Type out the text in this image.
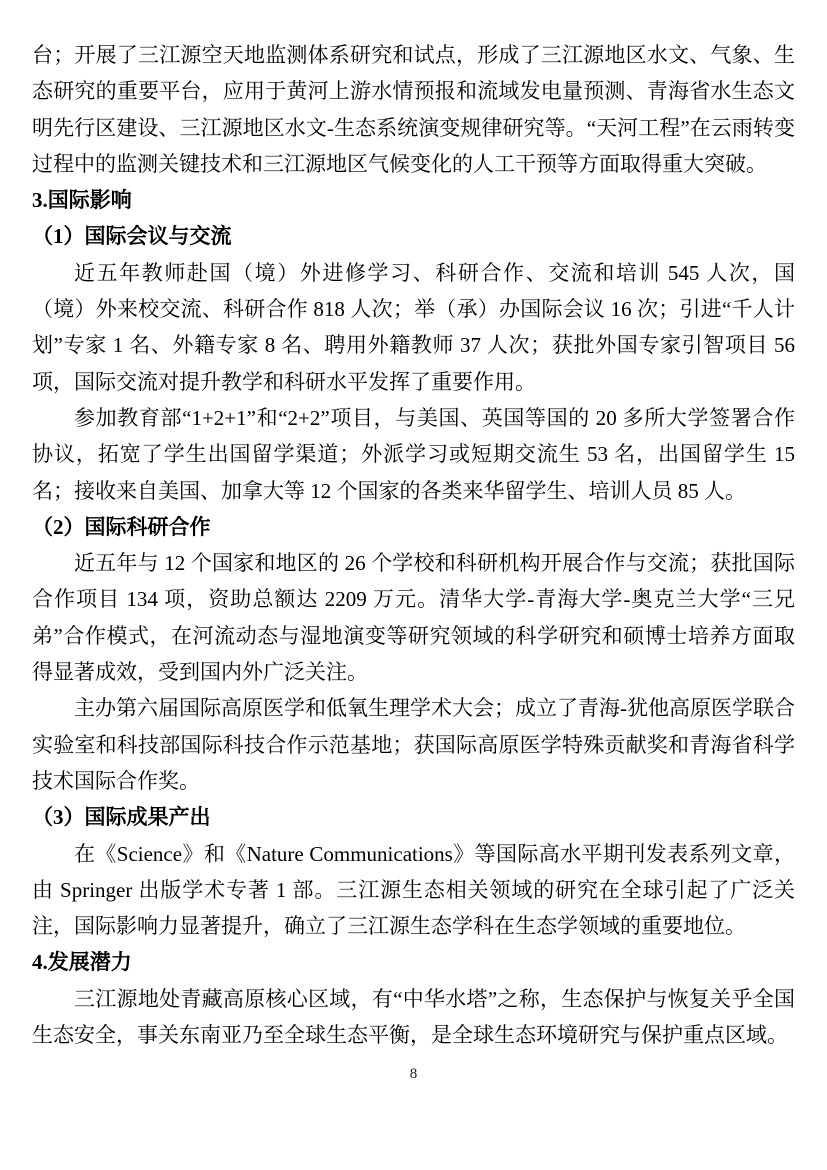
台；开展了三江源空天地监测体系研究和试点，形成了三江源地区水文、气象、生态研究的重要平台，应用于黄河上游水情预报和流域发电量预测、青海省水生态文明先行区建设、三江源地区水文-生态系统演变规律研究等。“天河工程”在云雨转变过程中的监测关键技术和三江源地区气候变化的人工干预等方面取得重大突破。

3.国际影响
（1）国际会议与交流

近五年教师赴国（境）外进修学习、科研合作、交流和培训 545 人次，国（境）外来校交流、科研合作 818 人次；举（承）办国际会议 16 次；引进“千人计划”专家 1 名、外籍专家 8 名、聘用外籍教师 37 人次；获批外国专家引智项目 56 项，国际交流对提升教学和科研水平发挥了重要作用。

参加教育部“1+2+1”和“2+2”项目，与美国、英国等国的 20 多所大学签署合作协议，拓宽了学生出国留学渠道；外派学习或短期交流生 53 名，出国留学生 15 名；接收来自美国、加拿大等 12 个国家的各类来华留学生、培训人员 85 人。

（2）国际科研合作

近五年与 12 个国家和地区的 26 个学校和科研机构开展合作与交流；获批国际合作项目 134 项，资助总额达 2209 万元。清华大学-青海大学-奥克兰大学“三兄弟”合作模式，在河流动态与湿地演变等研究领域的科学研究和硕博士培养方面取得显著成效，受到国内外广泛关注。

主办第六届国际高原医学和低氧生理学术大会；成立了青海-犹他高原医学联合实验室和科技部国际科技合作示范基地；获国际高原医学特殊贡献奖和青海省科学技术国际合作奖。

（3）国际成果产出

在《Science》和《Nature Communications》等国际高水平期刊发表系列文章，由 Springer 出版学术专著 1 部。三江源生态相关领域的研究在全球引起了广泛关注，国际影响力显著提升，确立了三江源生态学科在生态学领域的重要地位。

4.发展潜力

三江源地处青藏高原核心区域，有“中华水塔”之称，生态保护与恢复关乎全国生态安全，事关东南亚乃至全球生态平衡，是全球生态环境研究与保护重点区域。

8
